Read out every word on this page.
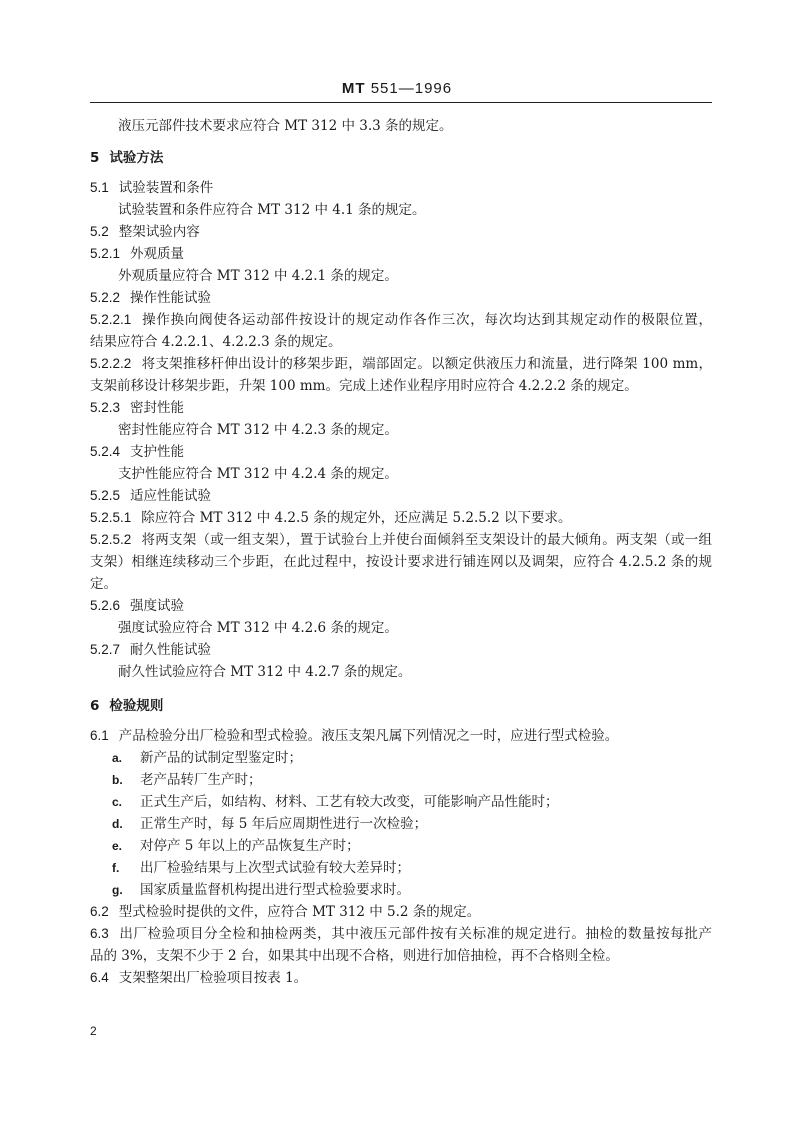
MT 551—1996
液压元部件技术要求应符合 MT 312 中 3.3 条的规定。
5 试验方法
5.1 试验装置和条件
试验装置和条件应符合 MT 312 中 4.1 条的规定。
5.2 整架试验内容
5.2.1 外观质量
外观质量应符合 MT 312 中 4.2.1 条的规定。
5.2.2 操作性能试验
5.2.2.1 操作换向阀使各运动部件按设计的规定动作各作三次，每次均达到其规定动作的极限位置，
结果应符合 4.2.2.1、4.2.2.3 条的规定。
5.2.2.2 将支架推移杆伸出设计的移架步距，端部固定。以额定供液压力和流量，进行降架 100 mm，
支架前移设计移架步距，升架 100 mm。完成上述作业程序用时应符合 4.2.2.2 条的规定。
5.2.3 密封性能
密封性能应符合 MT 312 中 4.2.3 条的规定。
5.2.4 支护性能
支护性能应符合 MT 312 中 4.2.4 条的规定。
5.2.5 适应性能试验
5.2.5.1 除应符合 MT 312 中 4.2.5 条的规定外，还应满足 5.2.5.2 以下要求。
5.2.5.2 将两支架（或一组支架），置于试验台上并使台面倾斜至支架设计的最大倾角。两支架（或一组
支架）相继连续移动三个步距，在此过程中，按设计要求进行铺连网以及调架，应符合 4.2.5.2 条的规
定。
5.2.6 强度试验
强度试验应符合 MT 312 中 4.2.6 条的规定。
5.2.7 耐久性能试验
耐久性试验应符合 MT 312 中 4.2.7 条的规定。
6 检验规则
6.1 产品检验分出厂检验和型式检验。液压支架凡属下列情况之一时，应进行型式检验。
a. 新产品的试制定型鉴定时；
b. 老产品转厂生产时；
c. 正式生产后，如结构、材料、工艺有较大改变，可能影响产品性能时；
d. 正常生产时，每 5 年后应周期性进行一次检验；
e. 对停产 5 年以上的产品恢复生产时；
f. 出厂检验结果与上次型式试验有较大差异时；
g. 国家质量监督机构提出进行型式检验要求时。
6.2 型式检验时提供的文件，应符合 MT 312 中 5.2 条的规定。
6.3 出厂检验项目分全检和抽检两类，其中液压元部件按有关标准的规定进行。抽检的数量按每批产
品的 3%，支架不少于 2 台，如果其中出现不合格，则进行加倍抽检，再不合格则全检。
6.4 支架整架出厂检验项目按表 1。
2
